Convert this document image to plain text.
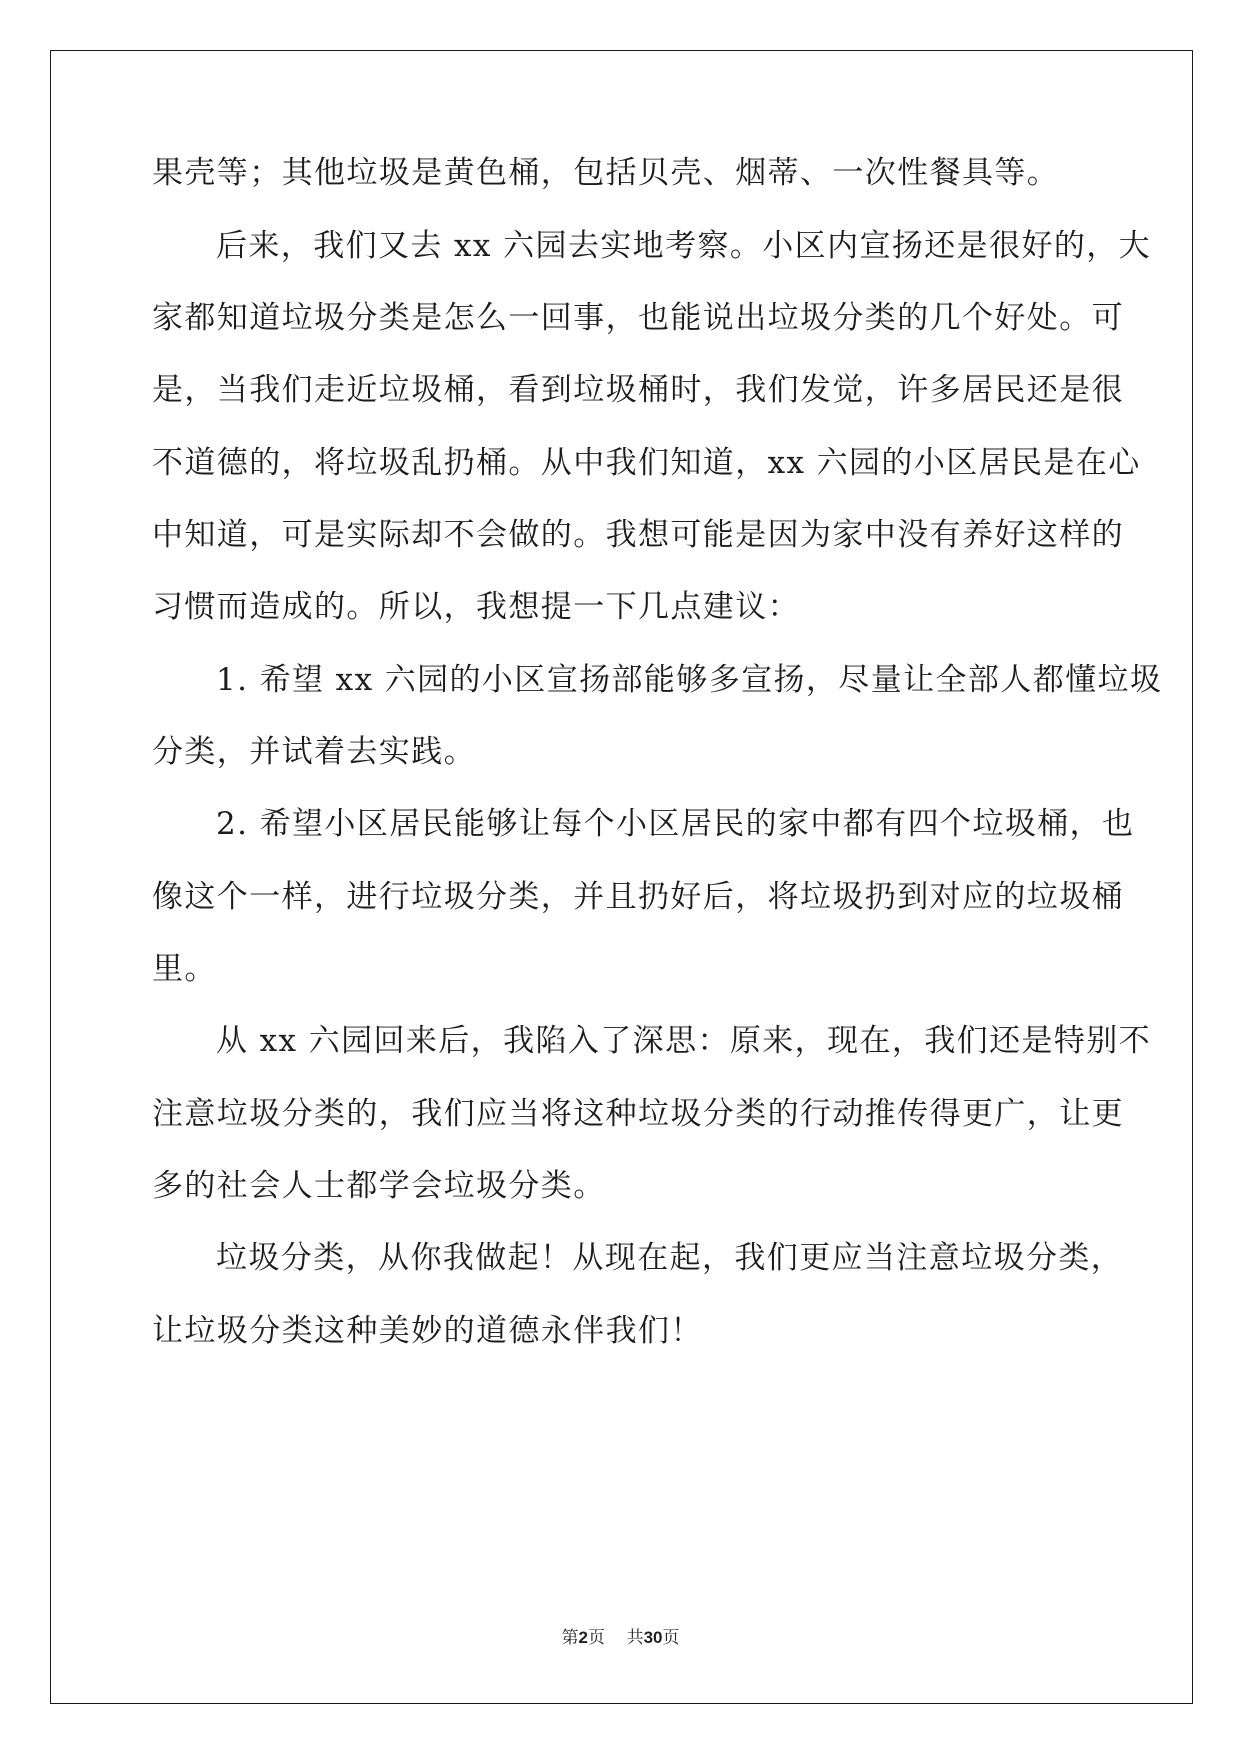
果壳等；其他垃圾是黄色桶，包括贝壳、烟蒂、一次性餐具等。
后来，我们又去 xx 六园去实地考察。小区内宣扬还是很好的，大
家都知道垃圾分类是怎么一回事，也能说出垃圾分类的几个好处。可
是，当我们走近垃圾桶，看到垃圾桶时，我们发觉，许多居民还是很
不道德的，将垃圾乱扔桶。从中我们知道，xx 六园的小区居民是在心
中知道，可是实际却不会做的。我想可能是因为家中没有养好这样的
习惯而造成的。所以，我想提一下几点建议：
1. 希望 xx 六园的小区宣扬部能够多宣扬，尽量让全部人都懂垃圾
分类，并试着去实践。
2. 希望小区居民能够让每个小区居民的家中都有四个垃圾桶，也
像这个一样，进行垃圾分类，并且扔好后，将垃圾扔到对应的垃圾桶
里。
从 xx 六园回来后，我陷入了深思：原来，现在，我们还是特别不
注意垃圾分类的，我们应当将这种垃圾分类的行动推传得更广，让更
多的社会人士都学会垃圾分类。
垃圾分类，从你我做起！从现在起，我们更应当注意垃圾分类，
让垃圾分类这种美妙的道德永伴我们！
第2页 共30页
